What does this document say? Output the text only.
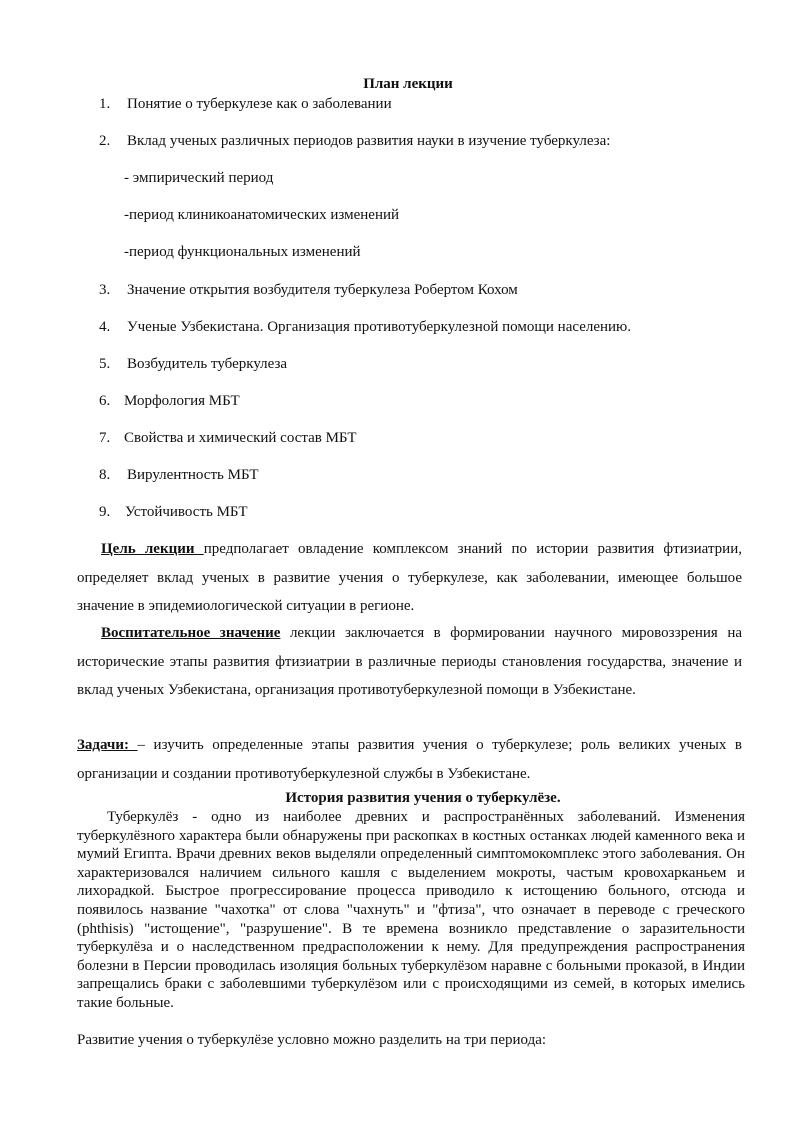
План лекции
1. Понятие о туберкулезе как о заболевании
2. Вклад ученых различных периодов развития науки в изучение туберкулеза:
- эмпирический период
-период клиникоанатомических изменений
-период функциональных изменений
3. Значение открытия возбудителя туберкулеза Робертом Кохом
4. Ученые Узбекистана. Организация противотуберкулезной помощи населению.
5. Возбудитель туберкулеза
6. Морфология МБТ
7. Свойства и химический состав МБТ
8. Вирулентность МБТ
9. Устойчивость МБТ
Цель лекции предполагает овладение комплексом знаний по истории развития фтизиатрии, определяет вклад ученых в развитие учения о туберкулезе, как заболевании, имеющее большое значение в эпидемиологической ситуации в регионе.
Воспитательное значение лекции заключается в формировании научного мировоззрения на исторические этапы развития фтизиатрии в различные периоды становления государства, значение и вклад ученых Узбекистана, организация противотуберкулезной помощи в Узбекистане.
Задачи: – изучить определенные этапы развития учения о туберкулезе; роль великих ученых в организации и создании противотуберкулезной службы в Узбекистане.
История развития учения о туберкулёзе.
Туберкулёз - одно из наиболее древних и распространённых заболеваний. Изменения туберкулёзного характера были обнаружены при раскопках в костных останках людей каменного века и мумий Египта. Врачи древних веков выделяли определенный симптомокомплекс этого заболевания. Он характеризовался наличием сильного кашля с выделением мокроты, частым кровохарканьем и лихорадкой. Быстрое прогрессирование процесса приводило к истощению больного, отсюда и появилось название "чахотка" от слова "чахнуть" и "фтиза", что означает в переводе с греческого (phthisis) "истощение", "разрушение". В те времена возникло представление о заразительности туберкулёза и о наследственном предрасположении к нему. Для предупреждения распространения болезни в Персии проводилась изоляция больных туберкулёзом наравне с больными проказой, в Индии запрещались браки с заболевшими туберкулёзом или с происходящими из семей, в которых имелись такие больные.
Развитие учения о туберкулёзе условно можно разделить на три периода:
